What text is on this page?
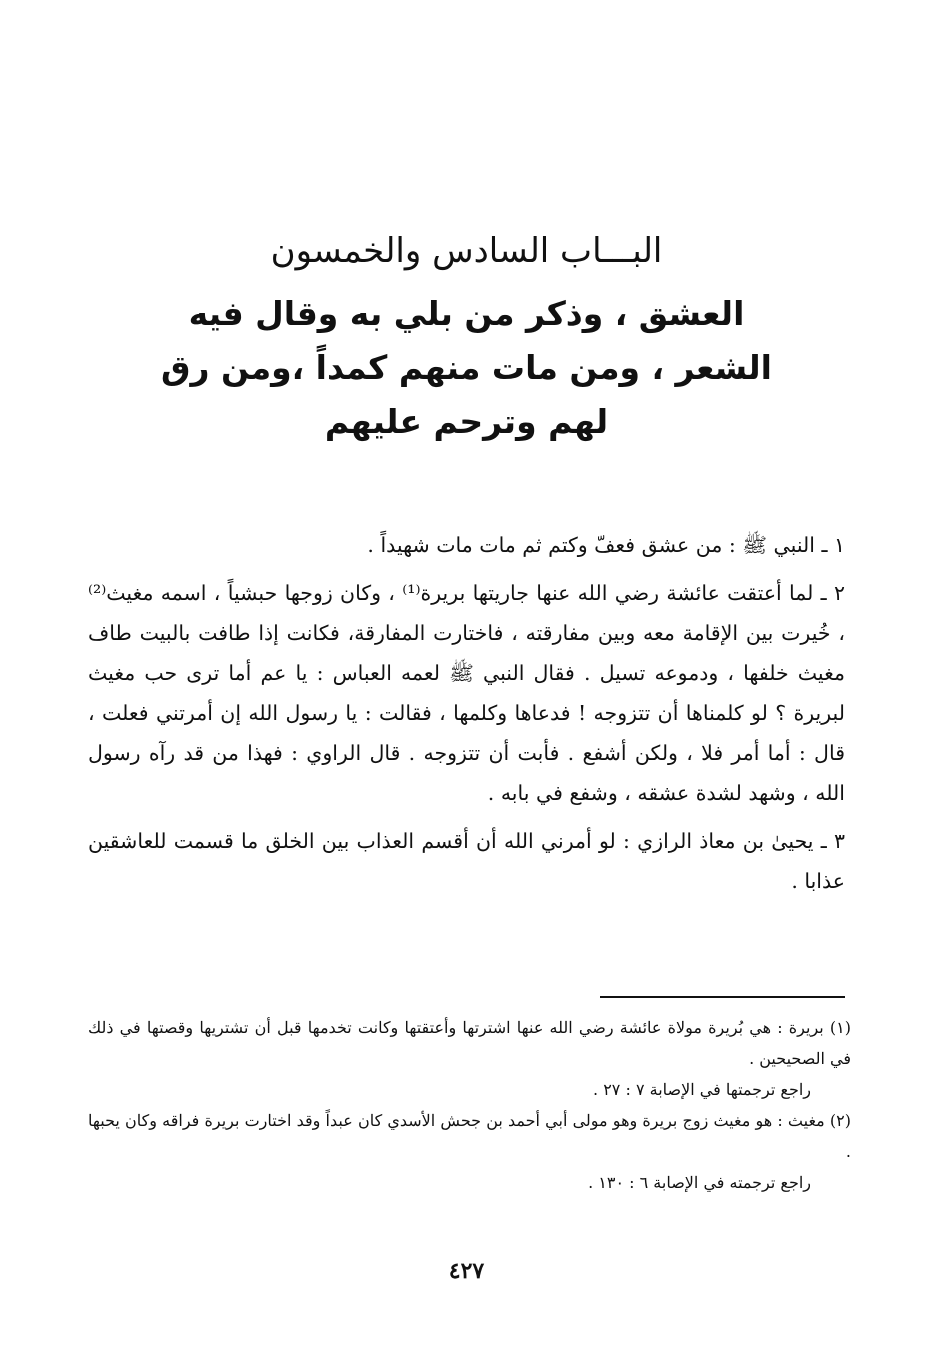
البـــاب السادس والخمسون
العشق ، وذكر من بلي به وقال فيه الشعر ، ومن مات منهم كمداً ،ومن رق لهم وترحم عليهم

١ ـ النبي ﷺ : من عشق فعفّ وكتم ثم مات مات شهيداً .

٢ ـ لما أعتقت عائشة رضي الله عنها جاريتها بريرة⁽¹⁾ ، وكان زوجها حبشياً ، اسمه مغيث⁽²⁾ ، خُيرت بين الإقامة معه وبين مفارقته ، فاختارت المفارقة، فكانت إذا طافت بالبيت طاف مغيث خلفها ، ودموعه تسيل . فقال النبي ﷺ لعمه العباس : يا عم أما ترى حب مغيث لبريرة ؟ لو كلمناها أن تتزوجه ! فدعاها وكلمها ، فقالت : يا رسول الله إن أمرتني فعلت ، قال : أما أمر فلا ، ولكن أشفع . فأبت أن تتزوجه . قال الراوي : فهذا من قد رآه رسول الله ، وشهد لشدة عشقه ، وشفع في بابه .

٣ ـ يحيىٰ بن معاذ الرازي : لو أمرني الله أن أقسم العذاب بين الخلق ما قسمت للعاشقين عذابا .

(١) بريرة : هي بُريرة مولاة عائشة رضي الله عنها اشترتها وأعتقتها وكانت تخدمها قبل أن تشتريها وقصتها في ذلك في الصحيحين .

راجع ترجمتها في الإصابة ٧ : ٢٧ .

(٢) مغيث : هو مغيث زوج بريرة وهو مولى أبي أحمد بن جحش الأسدي كان عبداً وقد اختارت بريرة فراقه وكان يحبها .

راجع ترجمته في الإصابة ٦ : ١٣٠ .

٤٢٧
